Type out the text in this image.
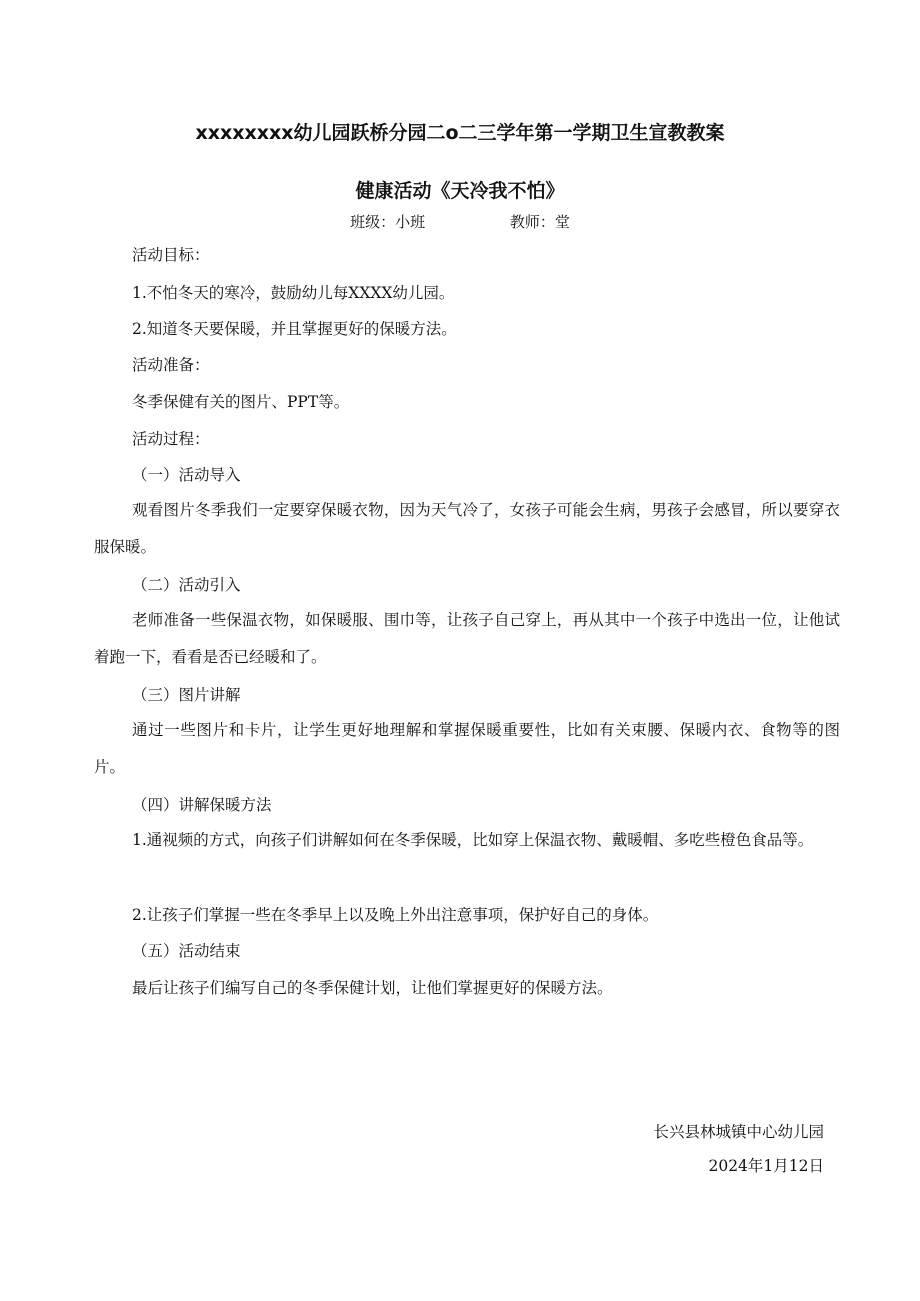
xxxxxxxx幼儿园跃桥分园二o二三学年第一学期卫生宣教教案
健康活动《天冷我不怕》
班级：小班	教师：堂
活动目标：
1.不怕冬天的寒冷，鼓励幼儿每XXXX幼儿园。
2.知道冬天要保暖，并且掌握更好的保暖方法。
活动准备：
冬季保健有关的图片、PPT等。
活动过程：
（一）活动导入
观看图片冬季我们一定要穿保暖衣物，因为天气冷了，女孩子可能会生病，男孩子会感冒，所以要穿衣服保暖。
（二）活动引入
老师准备一些保温衣物，如保暖服、围巾等，让孩子自己穿上，再从其中一个孩子中选出一位，让他试着跑一下，看看是否已经暖和了。
（三）图片讲解
通过一些图片和卡片，让学生更好地理解和掌握保暖重要性，比如有关束腰、保暖内衣、食物等的图片。
（四）讲解保暖方法
1.通视频的方式，向孩子们讲解如何在冬季保暖，比如穿上保温衣物、戴暖帽、多吃些橙色食品等。
2.让孩子们掌握一些在冬季早上以及晚上外出注意事项，保护好自己的身体。
（五）活动结束
最后让孩子们编写自己的冬季保健计划，让他们掌握更好的保暖方法。
长兴县林城镇中心幼儿园
2024年1月12日
